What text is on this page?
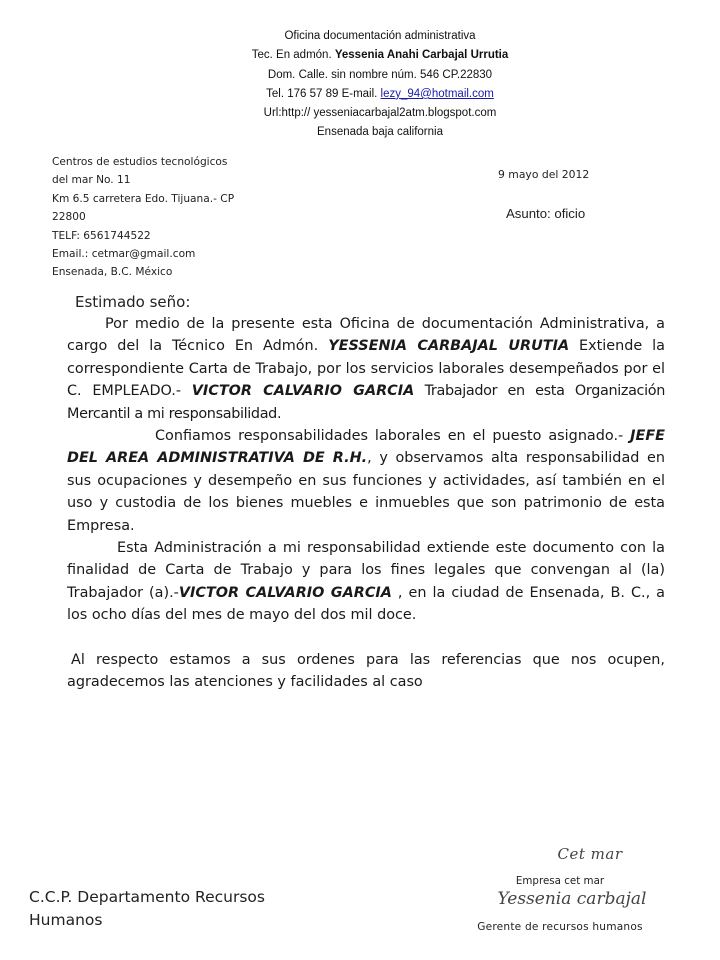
Oficina documentación administrativa
Tec. En admón. Yessenia Anahi Carbajal Urrutia
Dom. Calle. sin nombre núm. 546 CP.22830
Tel. 176 57 89 E-mail. lezy_94@hotmail.com
Url:http:// yesseniacarbajal2atm.blogspot.com
Ensenada baja california
Centros de estudios tecnológicos
del mar No. 11
Km 6.5 carretera Edo. Tijuana.- CP
22800
TELF: 6561744522
Email.: cetmar@gmail.com
Ensenada, B.C. México
9 mayo del 2012
Asunto: oficio
Estimado seño:

Por medio de la presente esta Oficina de documentación Administrativa, a cargo del la Técnico En Admón. YESSENIA CARBAJAL URUTIA Extiende la correspondiente Carta de Trabajo, por los servicios laborales desempeñados por el C. EMPLEADO.- VICTOR CALVARIO GARCIA Trabajador en esta Organización Mercantil a mi responsabilidad.

Confiamos responsabilidades laborales en el puesto asignado.- JEFE DEL AREA ADMINISTRATIVA DE R.H., y observamos alta responsabilidad en sus ocupaciones y desempeño en sus funciones y actividades, así también en el uso y custodia de los bienes muebles e inmuebles que son patrimonio de esta Empresa.

Esta Administración a mi responsabilidad extiende este documento con la finalidad de Carta de Trabajo y para los fines legales que convengan al (la) Trabajador (a).-VICTOR CALVARIO GARCIA , en la ciudad de Ensenada, B. C., a los ocho días del mes de mayo del dos mil doce.

Al respecto estamos a sus ordenes para las referencias que nos ocupen, agradecemos las atenciones y facilidades al caso

C.C.P. Departamento Recursos
Humanos
Cet mar
Empresa cet mar
Yessenia carbajal
Gerente de recursos humanos
